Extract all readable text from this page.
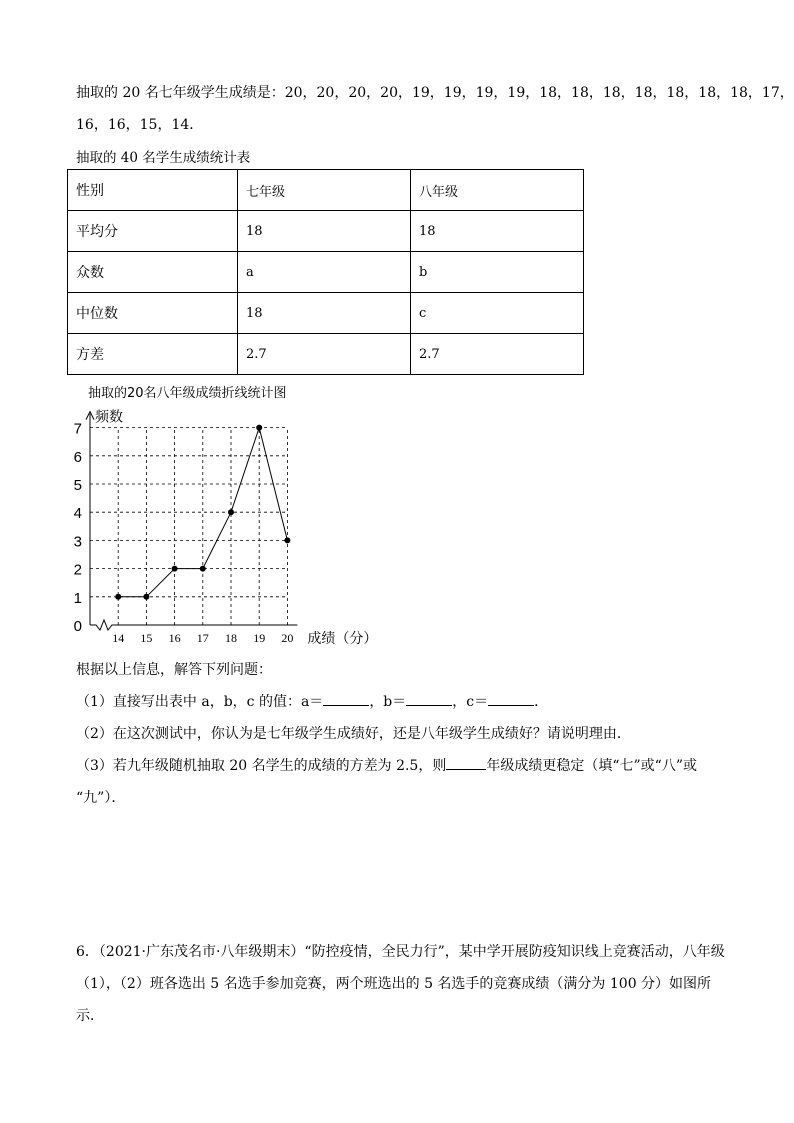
抽取的 20 名七年级学生成绩是：20，20，20，20，19，19，19，19，18，18，18，18，18，18，18，17，
16，16，15，14．
抽取的 40 名学生成绩统计表
性别	七年级	八年级
平均分	18	18
众数	a	b
中位数	18	c
方差	2.7	2.7
抽取的20名八年级成绩折线统计图
0
1
2
3
4
5
6
7
14 15 16 17 18 19 20
频数
成绩（分）
根据以上信息，解答下列问题：
（1）直接写出表中 a，b，c 的值：a＝	，b＝	，c＝	．
（2）在这次测试中，你认为是七年级学生成绩好，还是八年级学生成绩好？请说明理由．
（3）若九年级随机抽取 20 名学生的成绩的方差为 2.5，则	年级成绩更稳定（填“七”或“八”或
“九”）．
6．（2021·广东茂名市·八年级期末）“防控疫情，全民力行”，某中学开展防疫知识线上竞赛活动，八年级
（1），（2）班各选出 5 名选手参加竞赛，两个班选出的 5 名选手的竞赛成绩（满分为 100 分）如图所
示．
